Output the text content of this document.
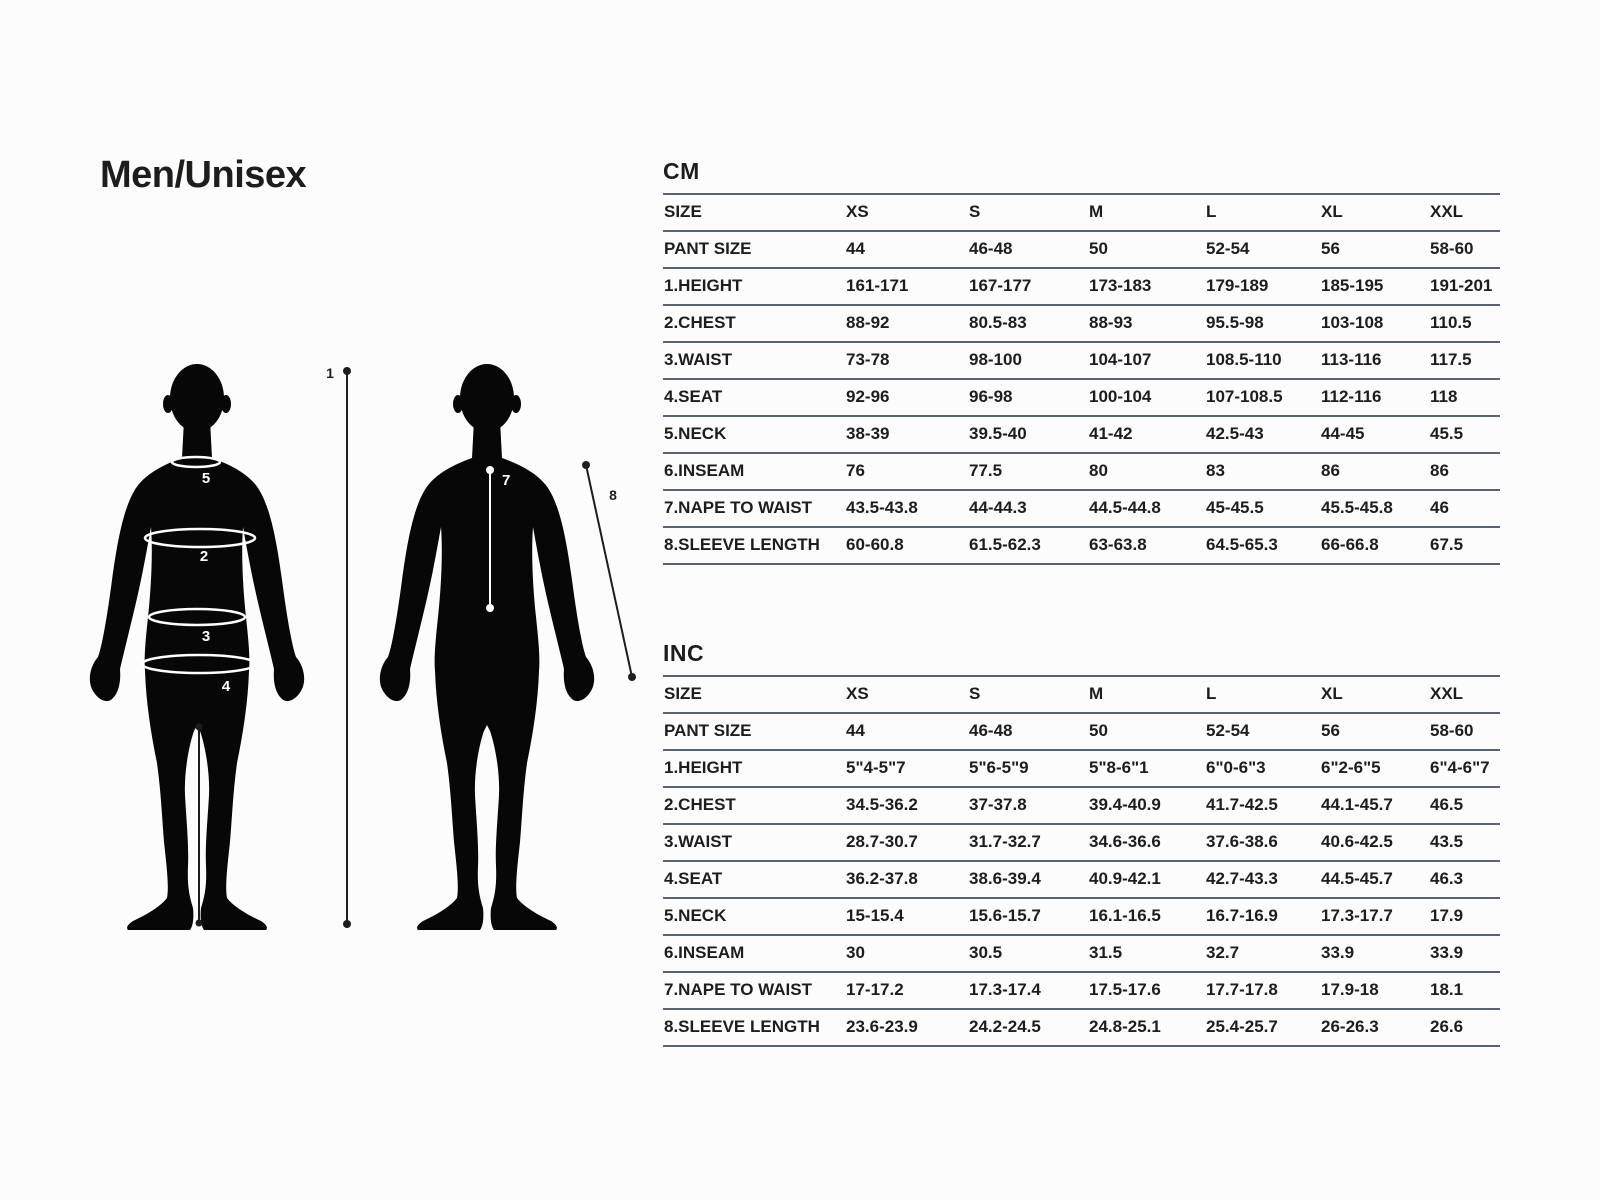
Men/Unisex
5
2
3
4
1
7
8
CM
SIZE	XS	S	M	L	XL	XXL
PANT SIZE	44	46-48	50	52-54	56	58-60
1.HEIGHT	161-171	167-177	173-183	179-189	185-195	191-201
2.CHEST	88-92	80.5-83	88-93	95.5-98	103-108	110.5
3.WAIST	73-78	98-100	104-107	108.5-110	113-116	117.5
4.SEAT	92-96	96-98	100-104	107-108.5	112-116	118
5.NECK	38-39	39.5-40	41-42	42.5-43	44-45	45.5
6.INSEAM	76	77.5	80	83	86	86
7.NAPE TO WAIST	43.5-43.8	44-44.3	44.5-44.8	45-45.5	45.5-45.8	46
8.SLEEVE LENGTH	60-60.8	61.5-62.3	63-63.8	64.5-65.3	66-66.8	67.5
INC
SIZE	XS	S	M	L	XL	XXL
PANT SIZE	44	46-48	50	52-54	56	58-60
1.HEIGHT	5"4-5"7	5"6-5"9	5"8-6"1	6"0-6"3	6"2-6"5	6"4-6"7
2.CHEST	34.5-36.2	37-37.8	39.4-40.9	41.7-42.5	44.1-45.7	46.5
3.WAIST	28.7-30.7	31.7-32.7	34.6-36.6	37.6-38.6	40.6-42.5	43.5
4.SEAT	36.2-37.8	38.6-39.4	40.9-42.1	42.7-43.3	44.5-45.7	46.3
5.NECK	15-15.4	15.6-15.7	16.1-16.5	16.7-16.9	17.3-17.7	17.9
6.INSEAM	30	30.5	31.5	32.7	33.9	33.9
7.NAPE TO WAIST	17-17.2	17.3-17.4	17.5-17.6	17.7-17.8	17.9-18	18.1
8.SLEEVE LENGTH	23.6-23.9	24.2-24.5	24.8-25.1	25.4-25.7	26-26.3	26.6
